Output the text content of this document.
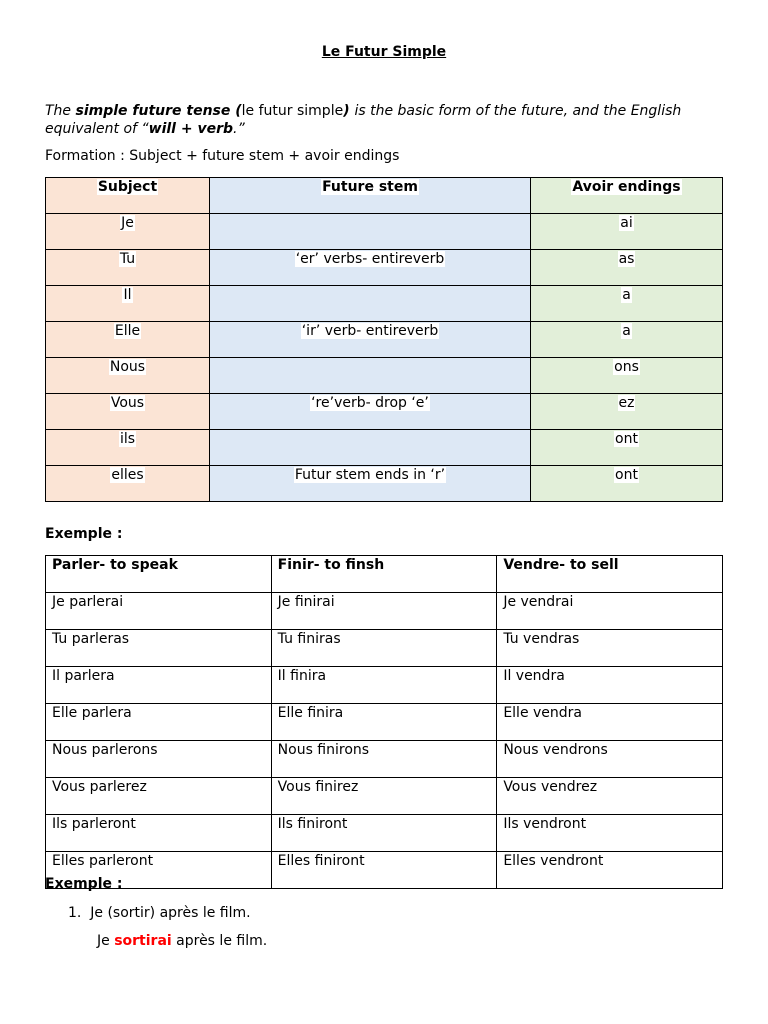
Le Futur Simple
The simple future tense (le futur simple) is the basic form of the future, and the English equivalent of “will + verb.”
Formation : Subject + future stem + avoir endings
Subject	Future stem	Avoir endings
Je		ai
Tu	‘er’ verbs- entireverb	as
Il		a
Elle	‘ir’ verb- entireverb	a
Nous		ons
Vous	‘re’verb- drop ‘e’	ez
ils		ont
elles	Futur stem ends in ‘r’	ont
Exemple :
Parler- to speak	Finir- to finsh	Vendre- to sell
Je parlerai	Je finirai	Je vendrai
Tu parleras	Tu finiras	Tu vendras
Il parlera	Il finira	Il vendra
Elle parlera	Elle finira	Elle vendra
Nous parlerons	Nous finirons	Nous vendrons
Vous parlerez	Vous finirez	Vous vendrez
Ils parleront	Ils finiront	Ils vendront
Elles parleront	Elles finiront	Elles vendront
Exemple :
1. Je (sortir) après le film.
Je sortirai après le film.
